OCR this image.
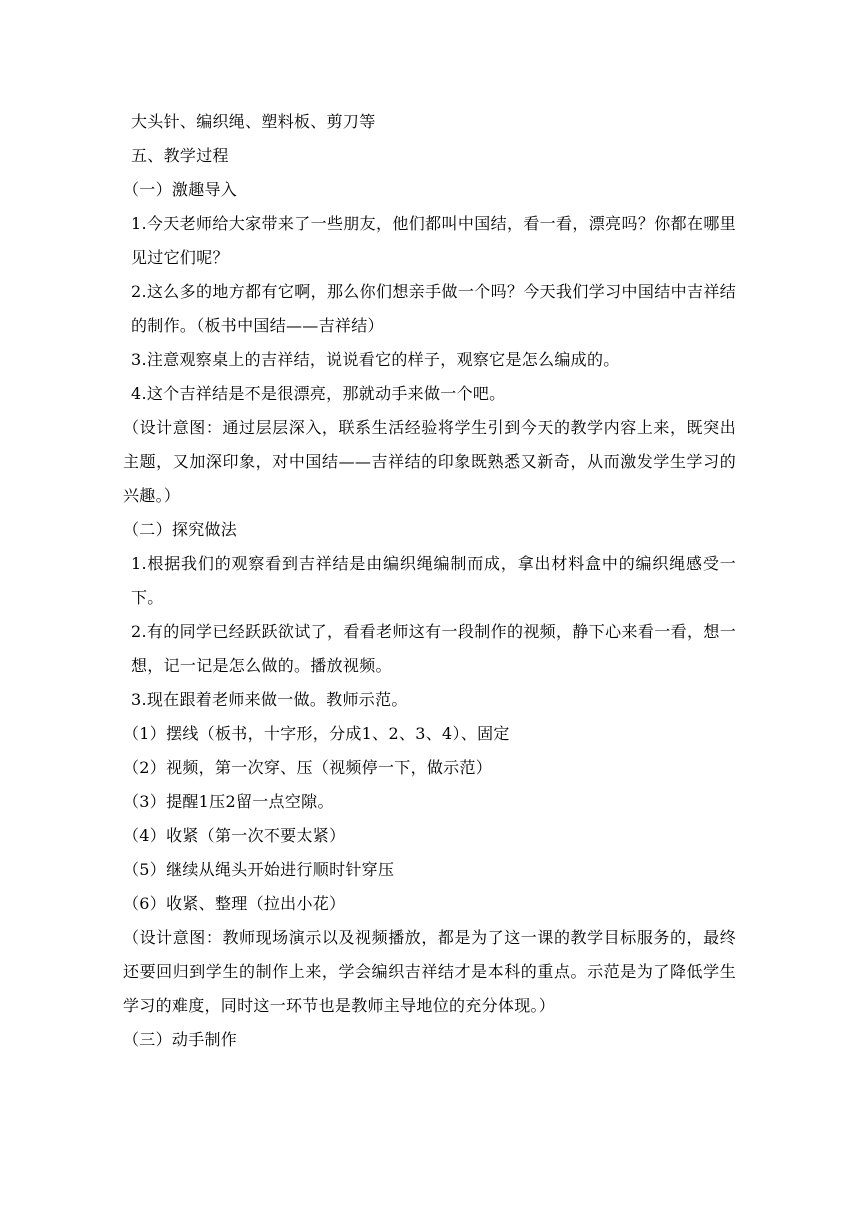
大头针、编织绳、塑料板、剪刀等

五、教学过程

（一）激趣导入

1.今天老师给大家带来了一些朋友，他们都叫中国结，看一看，漂亮吗？你都在哪里见过它们呢？

2.这么多的地方都有它啊，那么你们想亲手做一个吗？今天我们学习中国结中吉祥结的制作。（板书中国结——吉祥结）

3.注意观察桌上的吉祥结，说说看它的样子，观察它是怎么编成的。

4.这个吉祥结是不是很漂亮，那就动手来做一个吧。

（设计意图：通过层层深入，联系生活经验将学生引到今天的教学内容上来，既突出主题，又加深印象，对中国结——吉祥结的印象既熟悉又新奇，从而激发学生学习的兴趣。）

（二）探究做法

1.根据我们的观察看到吉祥结是由编织绳编制而成，拿出材料盒中的编织绳感受一下。

2.有的同学已经跃跃欲试了，看看老师这有一段制作的视频，静下心来看一看，想一想，记一记是怎么做的。播放视频。

3.现在跟着老师来做一做。教师示范。

（1）摆线（板书，十字形，分成1、2、3、4）、固定

（2）视频，第一次穿、压（视频停一下，做示范）

（3）提醒1压2留一点空隙。

（4）收紧（第一次不要太紧）

（5）继续从绳头开始进行顺时针穿压

（6）收紧、整理（拉出小花）

（设计意图：教师现场演示以及视频播放，都是为了这一课的教学目标服务的，最终还要回归到学生的制作上来，学会编织吉祥结才是本科的重点。示范是为了降低学生学习的难度，同时这一环节也是教师主导地位的充分体现。）

（三）动手制作
